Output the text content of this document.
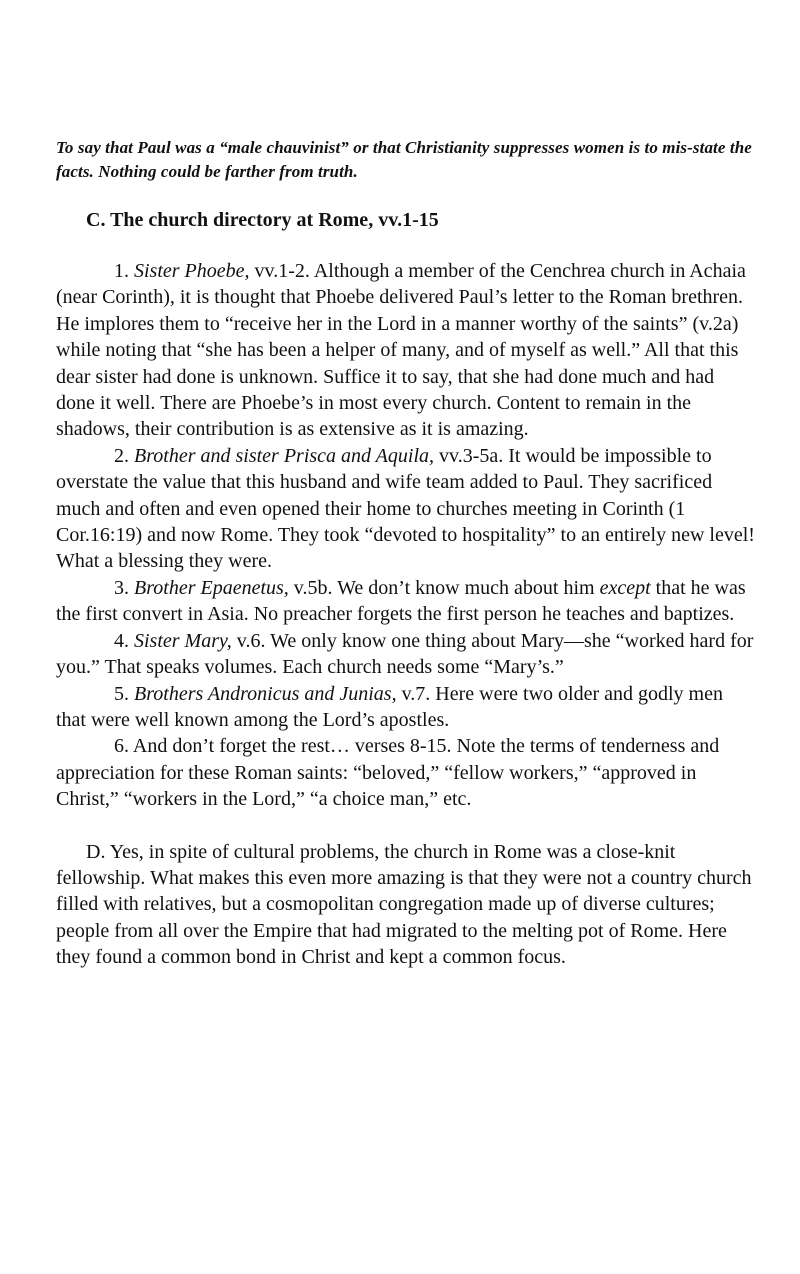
To say that Paul was a “male chauvinist” or that Christianity suppresses women is to mis-state the facts. Nothing could be farther from truth.

C. The church directory at Rome, vv.1-15

1. Sister Phoebe, vv.1-2. Although a member of the Cenchrea church in Achaia (near Corinth), it is thought that Phoebe delivered Paul’s letter to the Roman brethren. He implores them to “receive her in the Lord in a manner worthy of the saints” (v.2a) while noting that “she has been a helper of many, and of myself as well.” All that this dear sister had done is unknown. Suffice it to say, that she had done much and had done it well. There are Phoebe’s in most every church. Content to remain in the shadows, their contribution is as extensive as it is amazing.

2. Brother and sister Prisca and Aquila, vv.3-5a. It would be impossible to overstate the value that this husband and wife team added to Paul. They sacrificed much and often and even opened their home to churches meeting in Corinth (1 Cor.16:19) and now Rome. They took “devoted to hospitality” to an entirely new level! What a blessing they were.

3. Brother Epaenetus, v.5b. We don’t know much about him except that he was the first convert in Asia. No preacher forgets the first person he teaches and baptizes.

4. Sister Mary, v.6. We only know one thing about Mary—she “worked hard for you.” That speaks volumes. Each church needs some “Mary’s.”

5. Brothers Andronicus and Junias, v.7. Here were two older and godly men that were well known among the Lord’s apostles.

6. And don’t forget the rest… verses 8-15. Note the terms of tenderness and appreciation for these Roman saints: “beloved,” “fellow workers,” “approved in Christ,” “workers in the Lord,” “a choice man,” etc.

D. Yes, in spite of cultural problems, the church in Rome was a close-knit fellowship. What makes this even more amazing is that they were not a country church filled with relatives, but a cosmopolitan congregation made up of diverse cultures; people from all over the Empire that had migrated to the melting pot of Rome. Here they found a common bond in Christ and kept a common focus.
